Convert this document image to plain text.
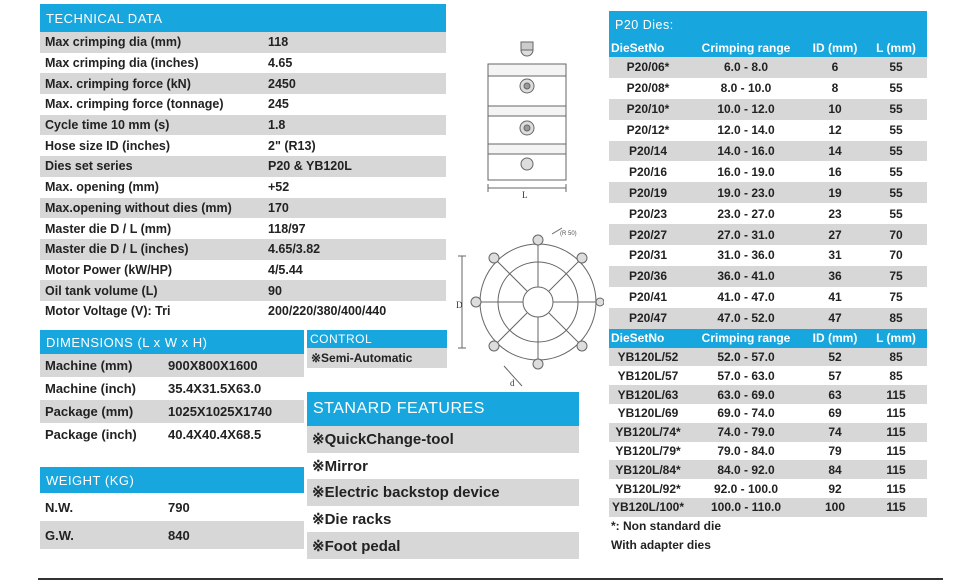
TECHNICAL DATA
Max crimping dia (mm)	118
Max crimping dia (inches)	4.65
Max. crimping force (kN)	2450
Max. crimping force (tonnage)	245
Cycle time 10 mm (s)	1.8
Hose size ID (inches)	2" (R13)
Dies set series	P20 & YB120L
Max. opening (mm)	+52
Max.opening without dies (mm)	170
Master die D / L (mm)	118/97
Master die D / L (inches)	4.65/3.82
Motor Power (kW/HP)	4/5.44
Oil tank volume (L)	90
Motor Voltage (V): Tri	200/220/380/400/440
DIMENSIONS (L x W x H)
Machine (mm)	900X800X1600
Machine (inch)	35.4X31.5X63.0
Package (mm)	1025X1025X1740
Package (inch)	40.4X40.4X68.5
WEIGHT (KG)
N.W.	790
G.W.	840
CONTROL
※Semi-Automatic
STANARD FEATURES
※QuickChange-tool
※Mirror
※Electric backstop device
※Die racks
※Foot pedal
L
D
d
(R 50)
P20 Dies:
DieSetNo	Crimping range	ID (mm)	L (mm)
P20/06*	6.0 - 8.0	6	55
P20/08*	8.0 - 10.0	8	55
P20/10*	10.0 - 12.0	10	55
P20/12*	12.0 - 14.0	12	55
P20/14	14.0 - 16.0	14	55
P20/16	16.0 - 19.0	16	55
P20/19	19.0 - 23.0	19	55
P20/23	23.0 - 27.0	23	55
P20/27	27.0 - 31.0	27	70
P20/31	31.0 - 36.0	31	70
P20/36	36.0 - 41.0	36	75
P20/41	41.0 - 47.0	41	75
P20/47	47.0 - 52.0	47	85
DieSetNo	Crimping range	ID (mm)	L (mm)
YB120L/52	52.0 - 57.0	52	85
YB120L/57	57.0 - 63.0	57	85
YB120L/63	63.0 - 69.0	63	115
YB120L/69	69.0 - 74.0	69	115
YB120L/74*	74.0 - 79.0	74	115
YB120L/79*	79.0 - 84.0	79	115
YB120L/84*	84.0 - 92.0	84	115
YB120L/92*	92.0 - 100.0	92	115
YB120L/100*	100.0 - 110.0	100	115
*: Non standard die
With adapter dies
